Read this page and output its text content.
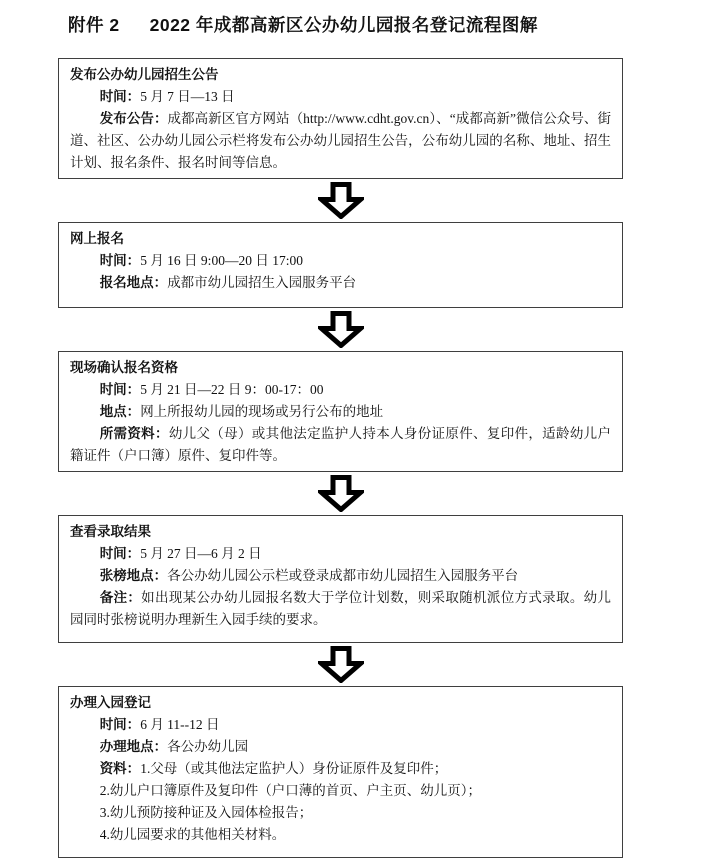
附件 2 2022 年成都高新区公办幼儿园报名登记流程图解
发布公办幼儿园招生公告

时间：5 月 7 日—13 日

发布公告：成都高新区官方网站（http://www.cdht.gov.cn）、“成都高新”微信公众号、街道、社区、公办幼儿园公示栏将发布公办幼儿园招生公告，公布幼儿园的名称、地址、招生计划、报名条件、报名时间等信息。

网上报名

时间：5 月 16 日 9:00—20 日 17:00

报名地点：成都市幼儿园招生入园服务平台

现场确认报名资格

时间：5 月 21 日—22 日 9：00-17：00

地点：网上所报幼儿园的现场或另行公布的地址

所需资料：幼儿父（母）或其他法定监护人持本人身份证原件、复印件，适龄幼儿户籍证件（户口簿）原件、复印件等。

查看录取结果

时间：5 月 27 日—6 月 2 日

张榜地点：各公办幼儿园公示栏或登录成都市幼儿园招生入园服务平台

备注：如出现某公办幼儿园报名数大于学位计划数，则采取随机派位方式录取。幼儿园同时张榜说明办理新生入园手续的要求。

办理入园登记

时间：6 月 11--12 日

办理地点：各公办幼儿园

资料：1.父母（或其他法定监护人）身份证原件及复印件；

2.幼儿户口簿原件及复印件（户口薄的首页、户主页、幼儿页）；

3.幼儿预防接种证及入园体检报告；

4.幼儿园要求的其他相关材料。
